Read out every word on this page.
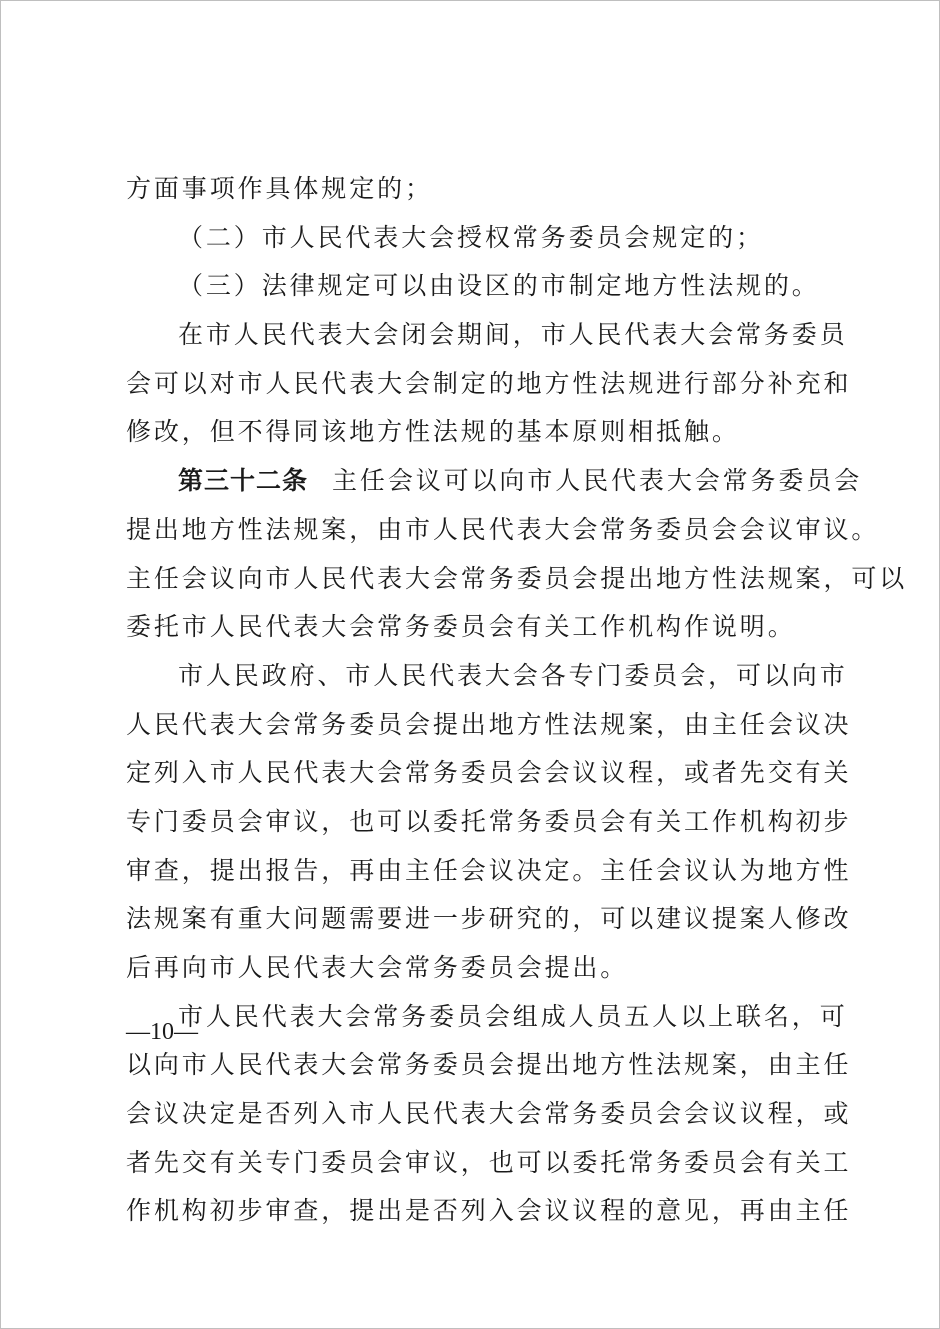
方面事项作具体规定的；
（二）市人民代表大会授权常务委员会规定的；
（三）法律规定可以由设区的市制定地方性法规的。
在市人民代表大会闭会期间，市人民代表大会常务委员
会可以对市人民代表大会制定的地方性法规进行部分补充和
修改，但不得同该地方性法规的基本原则相抵触。
第三十二条 主任会议可以向市人民代表大会常务委员会
提出地方性法规案，由市人民代表大会常务委员会会议审议。
主任会议向市人民代表大会常务委员会提出地方性法规案，可以
委托市人民代表大会常务委员会有关工作机构作说明。
市人民政府、市人民代表大会各专门委员会，可以向市
人民代表大会常务委员会提出地方性法规案，由主任会议决
定列入市人民代表大会常务委员会会议议程，或者先交有关
专门委员会审议，也可以委托常务委员会有关工作机构初步
审查，提出报告，再由主任会议决定。主任会议认为地方性
法规案有重大问题需要进一步研究的，可以建议提案人修改
后再向市人民代表大会常务委员会提出。
市人民代表大会常务委员会组成人员五人以上联名，可
以向市人民代表大会常务委员会提出地方性法规案，由主任
会议决定是否列入市人民代表大会常务委员会会议议程，或
者先交有关专门委员会审议，也可以委托常务委员会有关工
作机构初步审查，提出是否列入会议议程的意见，再由主任
—10—
